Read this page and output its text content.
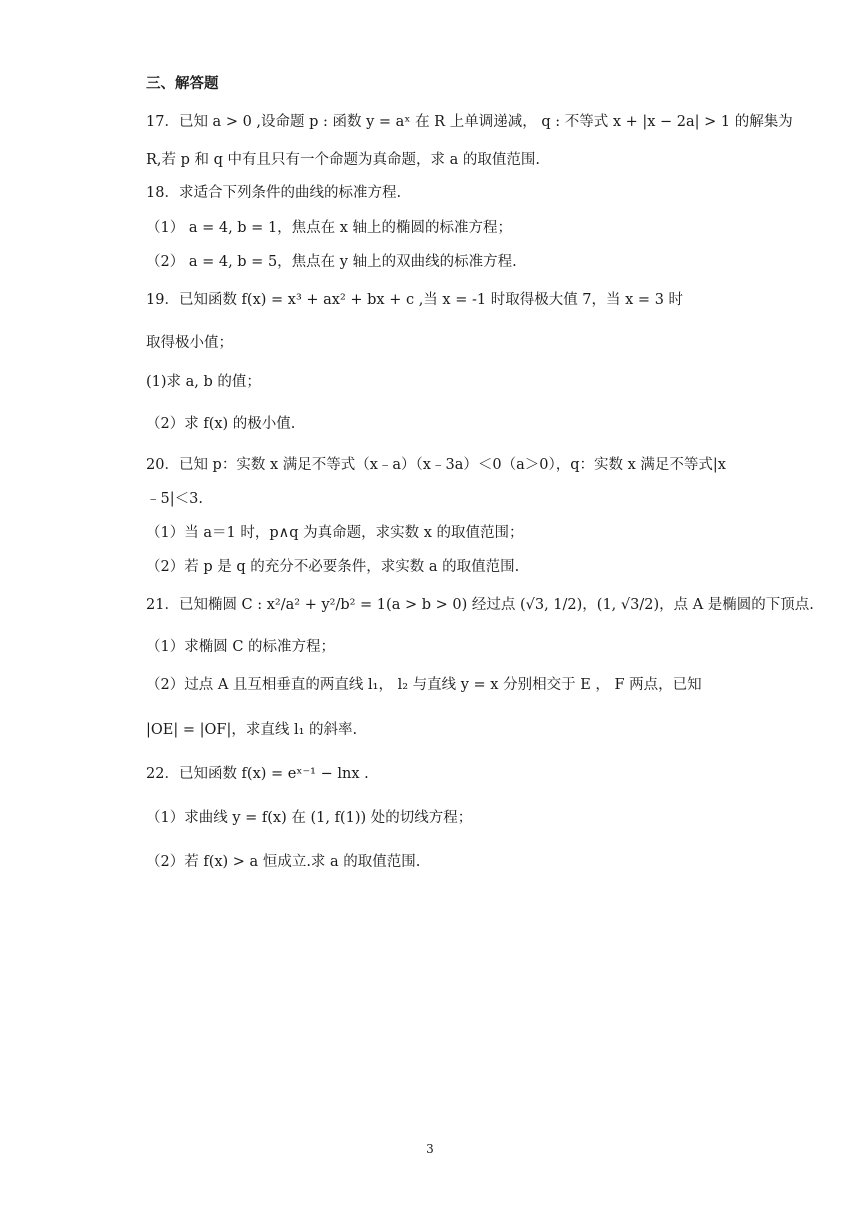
三、解答题
17．已知 a > 0 ,设命题 p : 函数 y = aˣ 在 R 上单调递减， q : 不等式 x + |x − 2a| > 1 的解集为
R,若 p 和 q 中有且只有一个命题为真命题，求 a 的取值范围.
18．求适合下列条件的曲线的标准方程.
（1） a = 4, b = 1，焦点在 x 轴上的椭圆的标准方程；
（2） a = 4, b = 5，焦点在 y 轴上的双曲线的标准方程.
19．已知函数 f(x) = x³ + ax² + bx + c ,当 x = -1 时取得极大值 7，当 x = 3 时
取得极小值；
(1)求 a, b 的值；
（2）求 f(x) 的极小值.
20．已知 p：实数 x 满足不等式（x﹣a）（x﹣3a）＜0（a＞0），q：实数 x 满足不等式|x
﹣5|＜3.
（1）当 a＝1 时，p∧q 为真命题，求实数 x 的取值范围；
（2）若 p 是 q 的充分不必要条件，求实数 a 的取值范围.
21．已知椭圆 C : x²/a² + y²/b² = 1(a > b > 0) 经过点 (√3, 1/2)，(1, √3/2)，点 A 是椭圆的下顶点.
（1）求椭圆 C 的标准方程；
（2）过点 A 且互相垂直的两直线 l₁， l₂ 与直线 y = x 分别相交于 E ， F 两点，已知
|OE| = |OF|，求直线 l₁ 的斜率.
22．已知函数 f(x) = eˣ⁻¹ − lnx .
（1）求曲线 y = f(x) 在 (1, f(1)) 处的切线方程；
（2）若 f(x) > a 恒成立.求 a 的取值范围.
3
